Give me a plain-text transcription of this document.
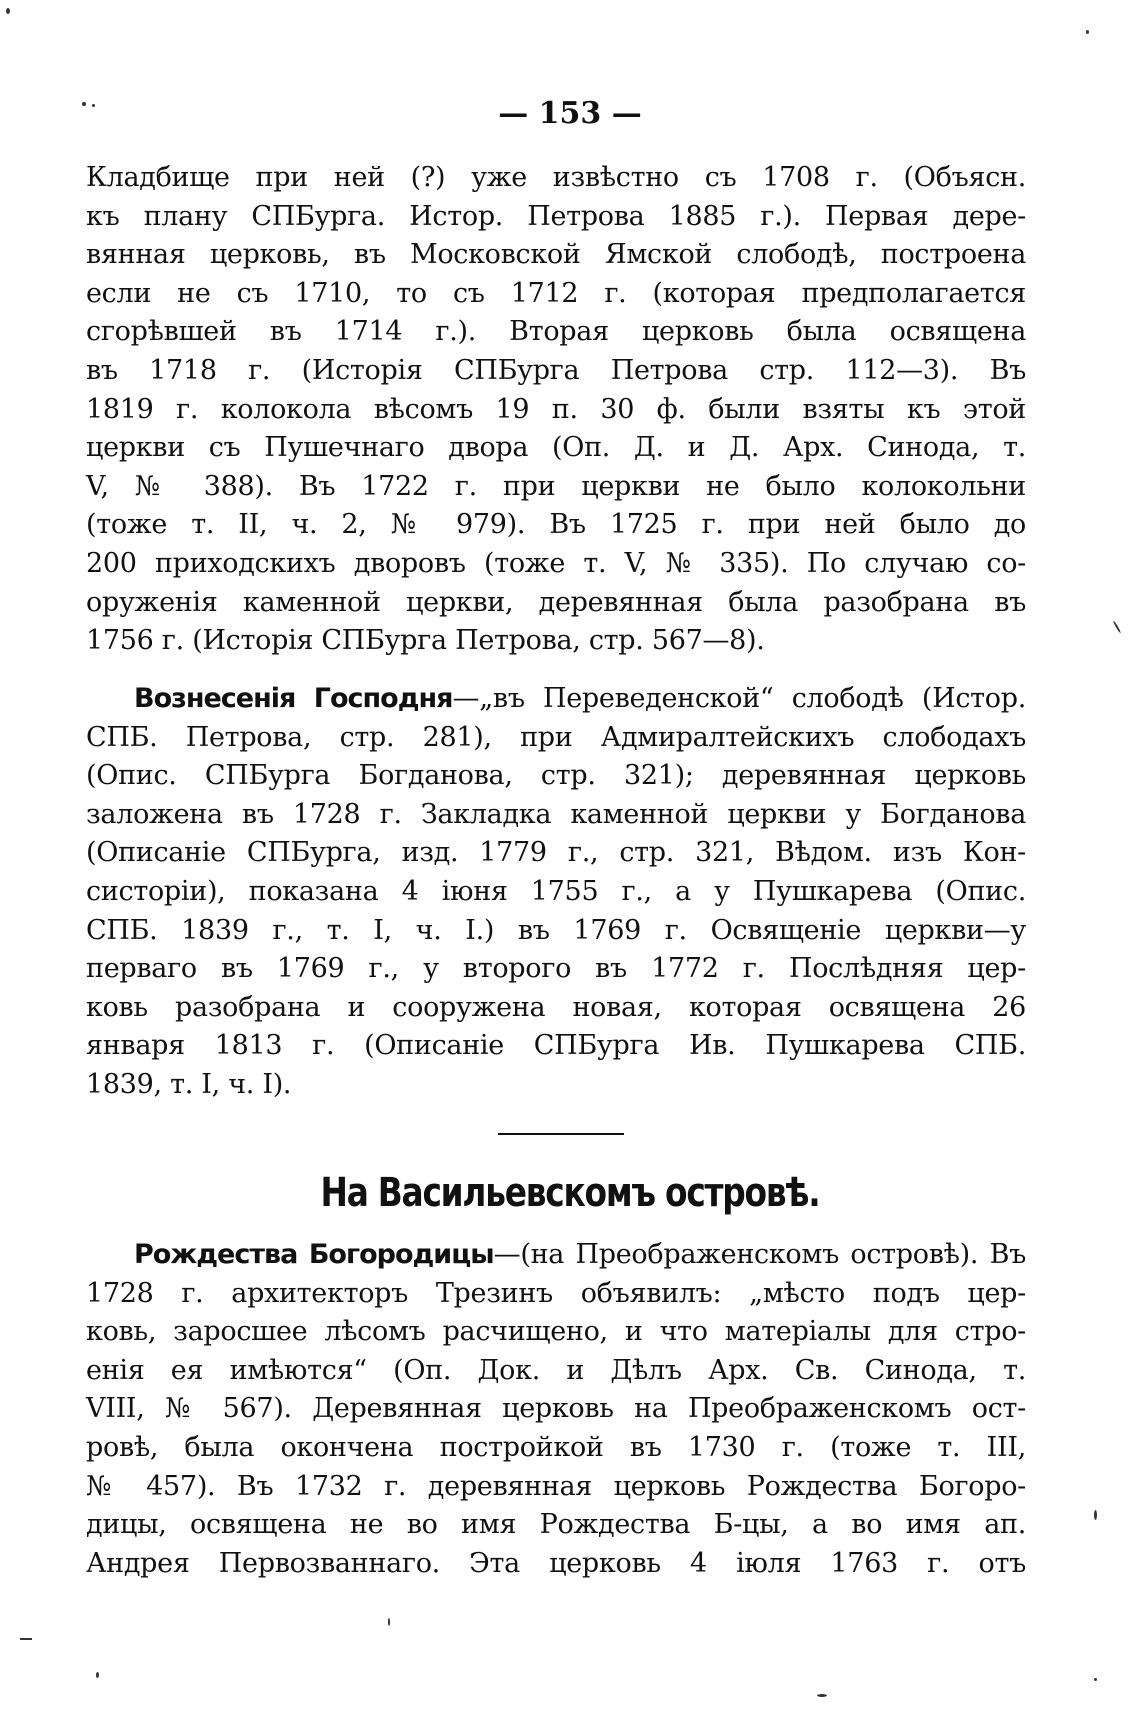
— 153 —
Кладбище при ней (?) уже извѣстно съ 1708 г. (Объясн.
къ плану СПБурга. Истор. Петрова 1885 г.). Первая дере-
вянная церковь, въ Московской Ямской слободѣ, построена
если не съ 1710, то съ 1712 г. (которая предполагается
сгорѣвшей въ 1714 г.). Вторая церковь была освящена
въ 1718 г. (Исторія СПБурга Петрова стр. 112—3). Въ
1819 г. колокола вѣсомъ 19 п. 30 ф. были взяты къ этой
церкви съ Пушечнаго двора (Оп. Д. и Д. Арх. Синода, т.
V, № 388). Въ 1722 г. при церкви не было колокольни
(тоже т. II, ч. 2, № 979). Въ 1725 г. при ней было до
200 приходскихъ дворовъ (тоже т. V, № 335). По случаю со-
оруженія каменной церкви, деревянная была разобрана въ
1756 г. (Исторія СПБурга Петрова, стр. 567—8).
Вознесенія Господня—„въ Переведенской“ слободѣ (Истор.
СПБ. Петрова, стр. 281), при Адмиралтейскихъ слободахъ
(Опис. СПБурга Богданова, стр. 321); деревянная церковь
заложена въ 1728 г. Закладка каменной церкви у Богданова
(Описаніе СПБурга, изд. 1779 г., стр. 321, Вѣдом. изъ Кон-
систоріи), показана 4 іюня 1755 г., а у Пушкарева (Опис.
СПБ. 1839 г., т. I, ч. I.) въ 1769 г. Освященіе церкви—у
перваго въ 1769 г., у второго въ 1772 г. Послѣдняя цер-
ковь разобрана и сооружена новая, которая освящена 26
января 1813 г. (Описаніе СПБурга Ив. Пушкарева СПБ.
1839, т. I, ч. I).
На Васильевскомъ островѣ.
Рождества Богородицы—(на Преображенскомъ островѣ). Въ
1728 г. архитекторъ Трезинъ объявилъ: „мѣсто подъ цер-
ковь, заросшее лѣсомъ расчищено, и что матеріалы для стро-
енія ея имѣются“ (Оп. Док. и Дѣлъ Арх. Св. Синода, т.
VIII, № 567). Деревянная церковь на Преображенскомъ ост-
ровѣ, была окончена постройкой въ 1730 г. (тоже т. III,
№ 457). Въ 1732 г. деревянная церковь Рождества Богоро-
дицы, освящена не во имя Рождества Б-цы, а во имя ап.
Андрея Первозваннаго. Эта церковь 4 іюля 1763 г. отъ
